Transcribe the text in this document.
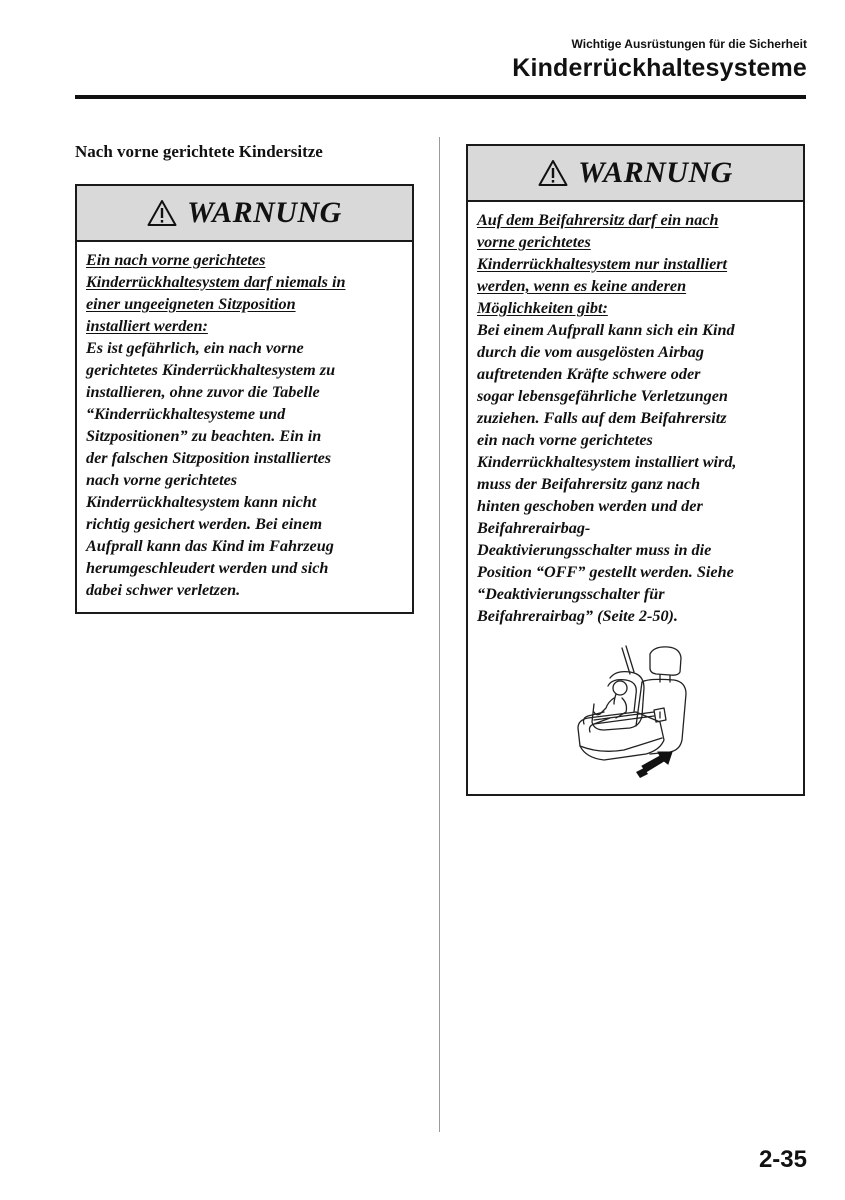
Wichtige Ausrüstungen für die Sicherheit
Kinderrückhaltesysteme
Nach vorne gerichtete Kindersitze
WARNUNG
Ein nach vorne gerichtetes
Kinderrückhaltesystem darf niemals in
einer ungeeigneten Sitzposition
installiert werden:
Es ist gefährlich, ein nach vorne
gerichtetes Kinderrückhaltesystem zu
installieren, ohne zuvor die Tabelle
“Kinderrückhaltesysteme und
Sitzpositionen” zu beachten. Ein in
der falschen Sitzposition installiertes
nach vorne gerichtetes
Kinderrückhaltesystem kann nicht
richtig gesichert werden. Bei einem
Aufprall kann das Kind im Fahrzeug
herumgeschleudert werden und sich
dabei schwer verletzen.
WARNUNG
Auf dem Beifahrersitz darf ein nach
vorne gerichtetes
Kinderrückhaltesystem nur installiert
werden, wenn es keine anderen
Möglichkeiten gibt:
Bei einem Aufprall kann sich ein Kind
durch die vom ausgelösten Airbag
auftretenden Kräfte schwere oder
sogar lebensgefährliche Verletzungen
zuziehen. Falls auf dem Beifahrersitz
ein nach vorne gerichtetes
Kinderrückhaltesystem installiert wird,
muss der Beifahrersitz ganz nach
hinten geschoben werden und der
Beifahrerairbag-
Deaktivierungsschalter muss in die
Position “OFF” gestellt werden. Siehe
“Deaktivierungsschalter für
Beifahrerairbag” (Seite 2-50).
2-35
